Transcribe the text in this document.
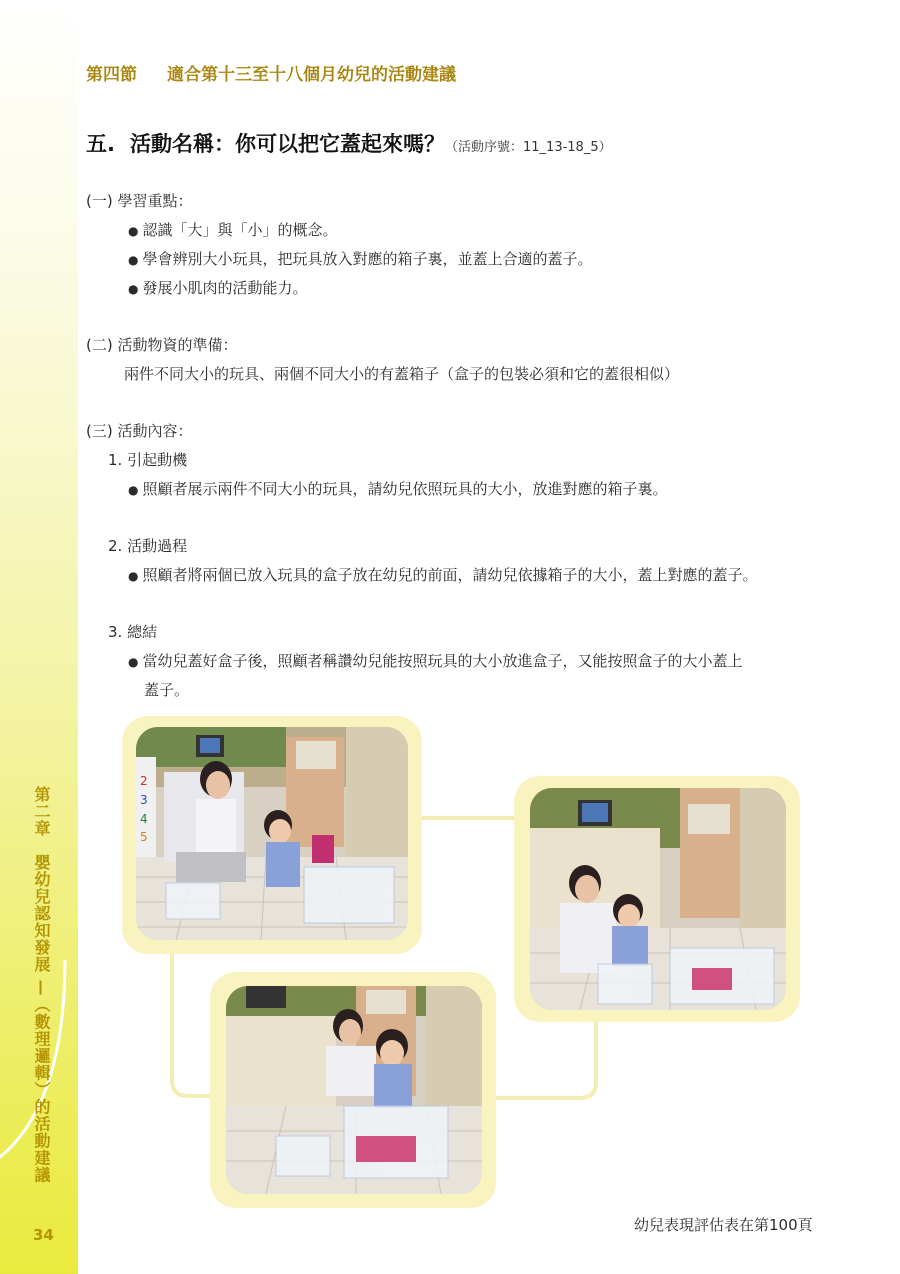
第二章　嬰幼兒認知發展 —（數理邏輯）的活動建議
34
第四節 適合第十三至十八個月幼兒的活動建議
五. 活動名稱：你可以把它蓋起來嗎？（活動序號：11_13-18_5）
(一) 學習重點：
● 認識「大」與「小」的概念。
● 學會辨別大小玩具，把玩具放入對應的箱子裏，並蓋上合適的蓋子。
● 發展小肌肉的活動能力。
(二) 活動物資的準備：
兩件不同大小的玩具、兩個不同大小的有蓋箱子（盒子的包裝必須和它的蓋很相似）
(三) 活動內容：
1. 引起動機
● 照顧者展示兩件不同大小的玩具，請幼兒依照玩具的大小，放進對應的箱子裏。
2. 活動過程
● 照顧者將兩個已放入玩具的盒子放在幼兒的前面，請幼兒依據箱子的大小，蓋上對應的蓋子。
3. 總結
● 當幼兒蓋好盒子後，照顧者稱讚幼兒能按照玩具的大小放進盒子，又能按照盒子的大小蓋上
蓋子。
2
3
4
5
幼兒表現評估表在第100頁
